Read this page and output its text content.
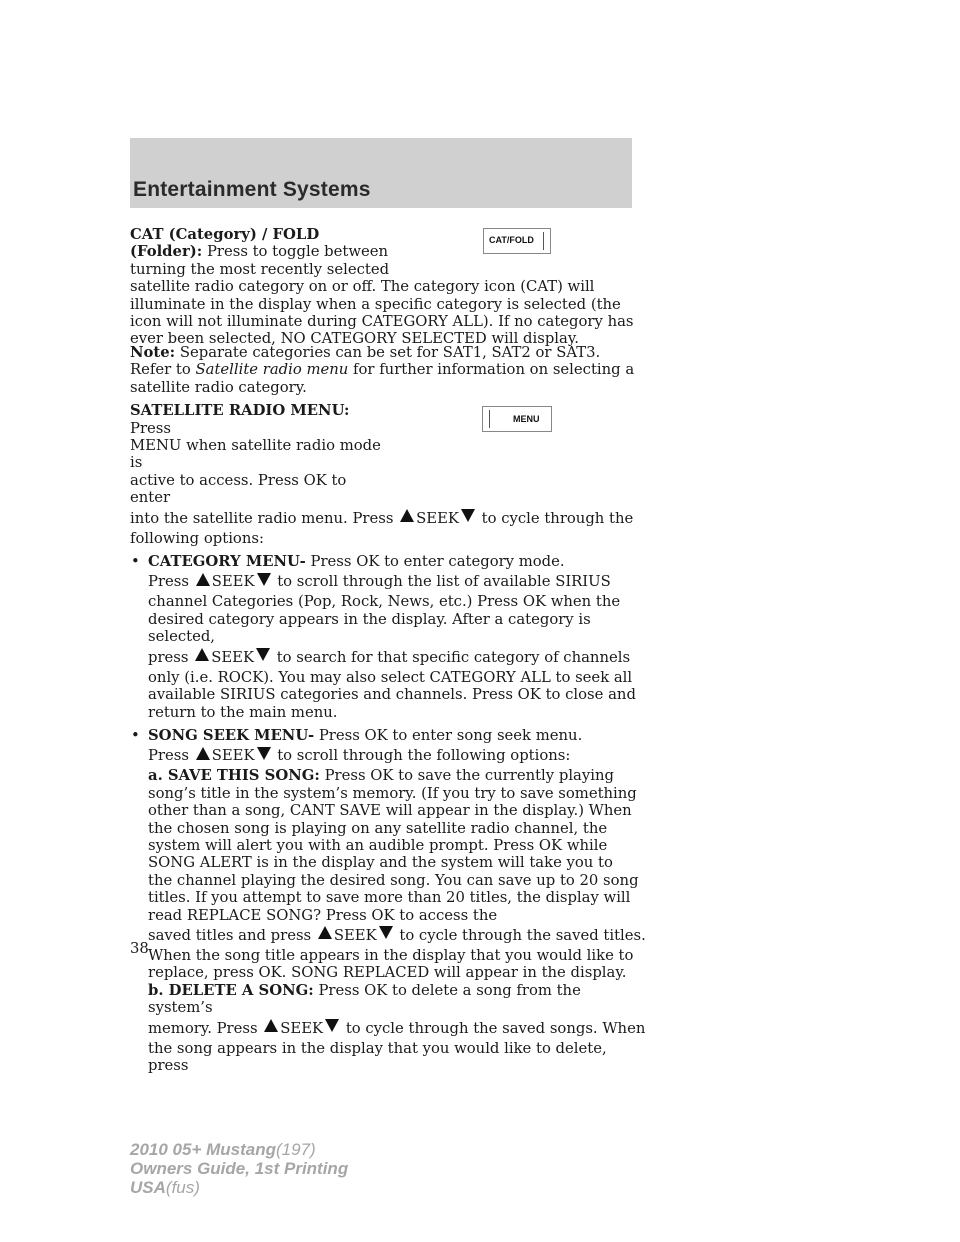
Entertainment Systems
CAT/FOLD
CAT (Category) / FOLD
(Folder): Press to toggle between
turning the most recently selected
satellite radio category on or off. The category icon (CAT) will illuminate in the display when a specific category is selected (the icon will not illuminate during CATEGORY ALL). If no category has ever been selected, NO CATEGORY SELECTED will display.

Note: Separate categories can be set for SAT1, SAT2 or SAT3.
Refer to Satellite radio menu for further information on selecting a satellite radio category.

MENU
SATELLITE RADIO MENU: Press
MENU when satellite radio mode is
active to access. Press OK to enter
into the satellite radio menu. Press SEEK to cycle through the
following options:
• CATEGORY MENU- Press OK to enter category mode.
Press SEEK to scroll through the list of available SIRIUS
channel Categories (Pop, Rock, News, etc.) Press OK when the desired category appears in the display. After a category is selected,
press SEEK to search for that specific category of channels
only (i.e. ROCK). You may also select CATEGORY ALL to seek all available SIRIUS categories and channels. Press OK to close and return to the main menu.
• SONG SEEK MENU- Press OK to enter song seek menu.
Press SEEK to scroll through the following options:
a. SAVE THIS SONG: Press OK to save the currently playing song’s title in the system’s memory. (If you try to save something other than a song, CANT SAVE will appear in the display.) When the chosen song is playing on any satellite radio channel, the system will alert you with an audible prompt. Press OK while SONG ALERT is in the display and the system will take you to the channel playing the desired song. You can save up to 20 song titles. If you attempt to save more than 20 titles, the display will read REPLACE SONG? Press OK to access the
saved titles and press SEEK to cycle through the saved titles.
When the song title appears in the display that you would like to replace, press OK. SONG REPLACED will appear in the display.
b. DELETE A SONG: Press OK to delete a song from the system’s
memory. Press SEEK to cycle through the saved songs. When
the song appears in the display that you would like to delete, press
38
2010 05+ Mustang(197)
Owners Guide, 1st Printing
USA(fus)
